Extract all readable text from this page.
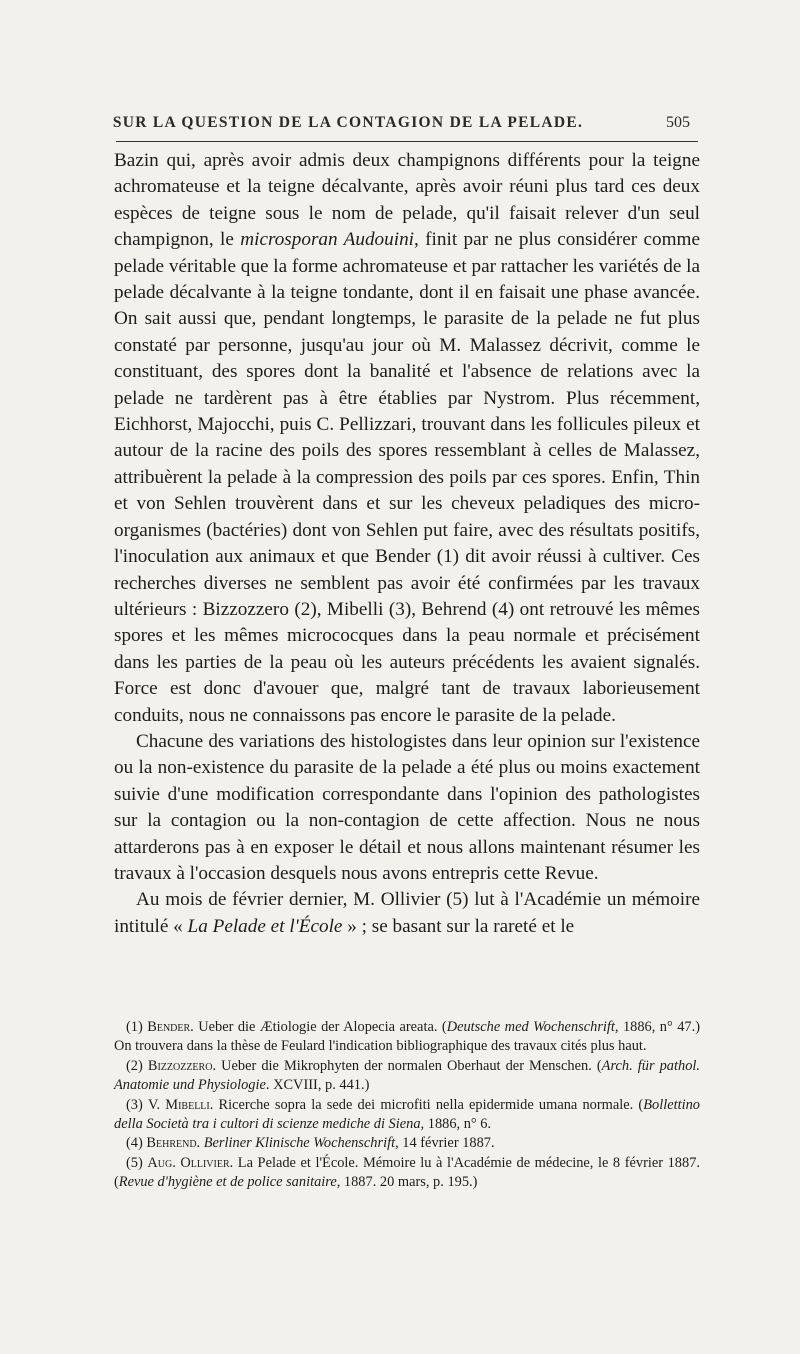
SUR LA QUESTION DE LA CONTAGION DE LA PELADE.	505

Bazin qui, après avoir admis deux champignons différents pour la teigne achromateuse et la teigne décalvante, après avoir réuni plus tard ces deux espèces de teigne sous le nom de pelade, qu'il faisait relever d'un seul champignon, le microsporan Audouini, finit par ne plus considérer comme pelade véritable que la forme achromateuse et par rattacher les variétés de la pelade décalvante à la teigne tondante, dont il en faisait une phase avancée. On sait aussi que, pendant longtemps, le parasite de la pelade ne fut plus constaté par personne, jusqu'au jour où M. Malassez décrivit, comme le constituant, des spores dont la banalité et l'absence de relations avec la pelade ne tardèrent pas à être établies par Nystrom. Plus récemment, Eichhorst, Majocchi, puis C. Pellizzari, trouvant dans les follicules pileux et autour de la racine des poils des spores ressemblant à celles de Malassez, attribuèrent la pelade à la compression des poils par ces spores. Enfin, Thin et von Sehlen trouvèrent dans et sur les cheveux peladiques des micro-organismes (bactéries) dont von Sehlen put faire, avec des résultats positifs, l'inoculation aux animaux et que Bender (1) dit avoir réussi à cultiver. Ces recherches diverses ne semblent pas avoir été confirmées par les travaux ultérieurs : Bizzozzero (2), Mibelli (3), Behrend (4) ont retrouvé les mêmes spores et les mêmes micrococques dans la peau normale et précisément dans les parties de la peau où les auteurs précédents les avaient signalés. Force est donc d'avouer que, malgré tant de travaux laborieusement conduits, nous ne connaissons pas encore le parasite de la pelade.

Chacune des variations des histologistes dans leur opinion sur l'existence ou la non-existence du parasite de la pelade a été plus ou moins exactement suivie d'une modification correspondante dans l'opinion des pathologistes sur la contagion ou la non-contagion de cette affection. Nous ne nous attarderons pas à en exposer le détail et nous allons maintenant résumer les travaux à l'occasion desquels nous avons entrepris cette Revue.

Au mois de février dernier, M. Ollivier (5) lut à l'Académie un mémoire intitulé « La Pelade et l'École » ; se basant sur la rareté et le

(1) Bender. Ueber die Ætiologie der Alopecia areata. (Deutsche med Wochenschrift, 1886, n° 47.) On trouvera dans la thèse de Feulard l'indication bibliographique des travaux cités plus haut.

(2) Bizzozzero. Ueber die Mikrophyten der normalen Oberhaut der Menschen. (Arch. für pathol. Anatomie und Physiologie. XCVIII, p. 441.)

(3) V. Mibelli. Ricerche sopra la sede dei microfiti nella epidermide umana normale. (Bollettino della Società tra i cultori di scienze mediche di Siena, 1886, n° 6.

(4) Behrend. Berliner Klinische Wochenschrift, 14 février 1887.

(5) Aug. Ollivier. La Pelade et l'École. Mémoire lu à l'Académie de médecine, le 8 février 1887. (Revue d'hygiène et de police sanitaire, 1887. 20 mars, p. 195.)
